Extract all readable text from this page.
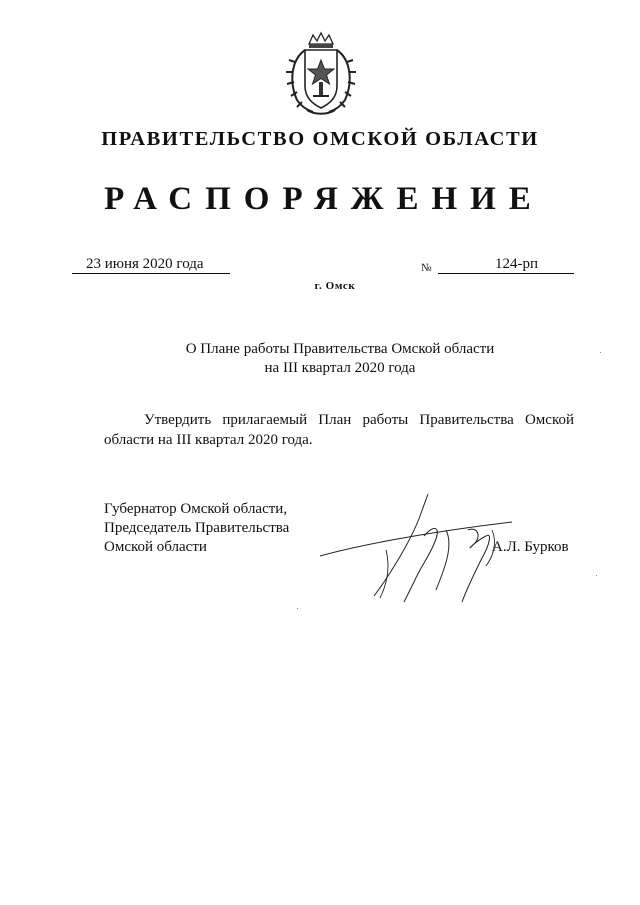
ПРАВИТЕЛЬСТВО ОМСКОЙ ОБЛАСТИ
РАСПОРЯЖЕНИЕ
23 июня 2020 года	№	124-рп
г. Омск
О Плане работы Правительства Омской области
на III квартал 2020 года
Утвердить прилагаемый План работы Правительства Омской области на III квартал 2020 года.
Губернатор Омской области,
Председатель Правительства
Омской области	А.Л. Бурков
